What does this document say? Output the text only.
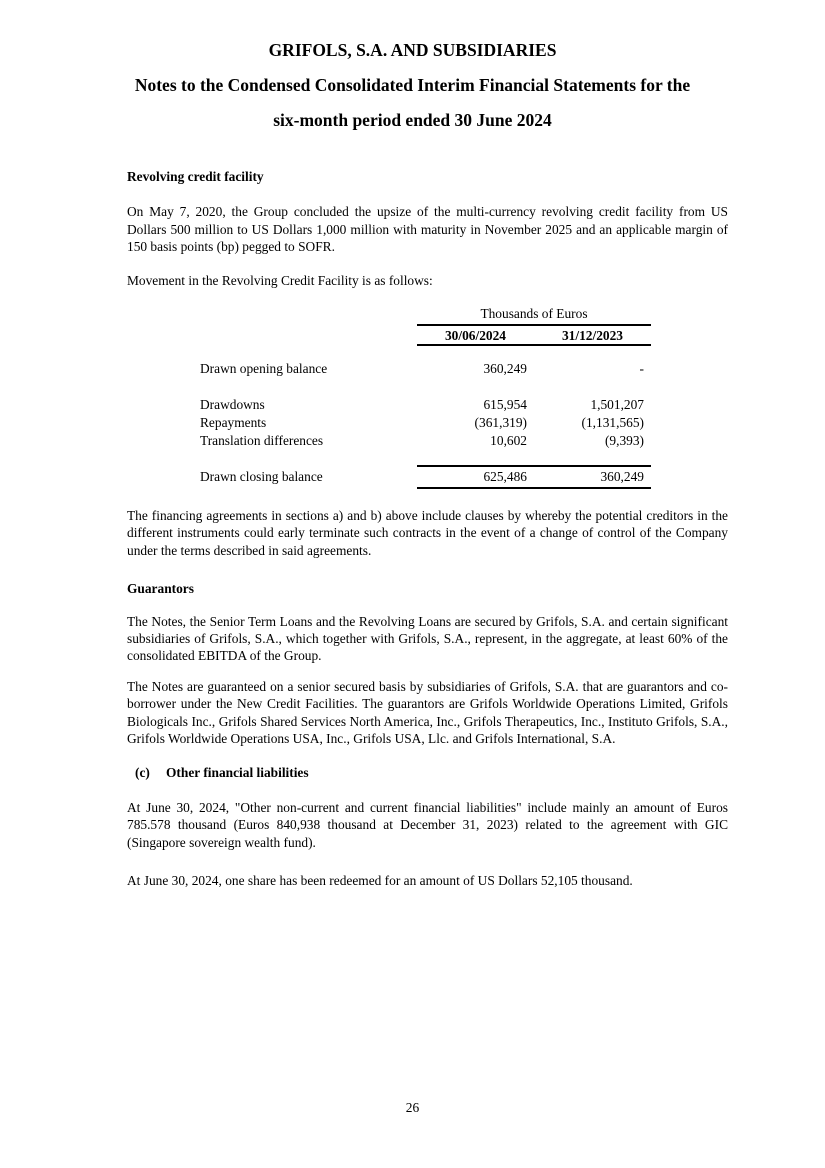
GRIFOLS, S.A. AND SUBSIDIARIES
Notes to the Condensed Consolidated Interim Financial Statements for the
six-month period ended 30 June 2024
Revolving credit facility

On May 7, 2020, the Group concluded the upsize of the multi-currency revolving credit facility from US Dollars 500 million to US Dollars 1,000 million with maturity in November 2025 and an applicable margin of 150 basis points (bp) pegged to SOFR.

Movement in the Revolving Credit Facility is as follows:

Thousands of Euros
30/06/2024	31/12/2023
Drawn opening balance	360,249	-
Drawdowns	615,954	1,501,207
Repayments	(361,319)	(1,131,565)
Translation differences	10,602	(9,393)
Drawn closing balance	625,486	360,249

The financing agreements in sections a) and b) above include clauses by whereby the potential creditors in the different instruments could early terminate such contracts in the event of a change of control of the Company under the terms described in said agreements.

Guarantors

The Notes, the Senior Term Loans and the Revolving Loans are secured by Grifols, S.A. and certain significant subsidiaries of Grifols, S.A., which together with Grifols, S.A., represent, in the aggregate, at least 60% of the consolidated EBITDA of the Group.

The Notes are guaranteed on a senior secured basis by subsidiaries of Grifols, S.A. that are guarantors and co-borrower under the New Credit Facilities. The guarantors are Grifols Worldwide Operations Limited, Grifols Biologicals Inc., Grifols Shared Services North America, Inc., Grifols Therapeutics, Inc., Instituto Grifols, S.A., Grifols Worldwide Operations USA, Inc., Grifols USA, Llc. and Grifols International, S.A.

(c)	Other financial liabilities

At June 30, 2024, "Other non-current and current financial liabilities" include mainly an amount of Euros 785.578 thousand (Euros 840,938 thousand at December 31, 2023) related to the agreement with GIC (Singapore sovereign wealth fund).

At June 30, 2024, one share has been redeemed for an amount of US Dollars 52,105 thousand.

26
